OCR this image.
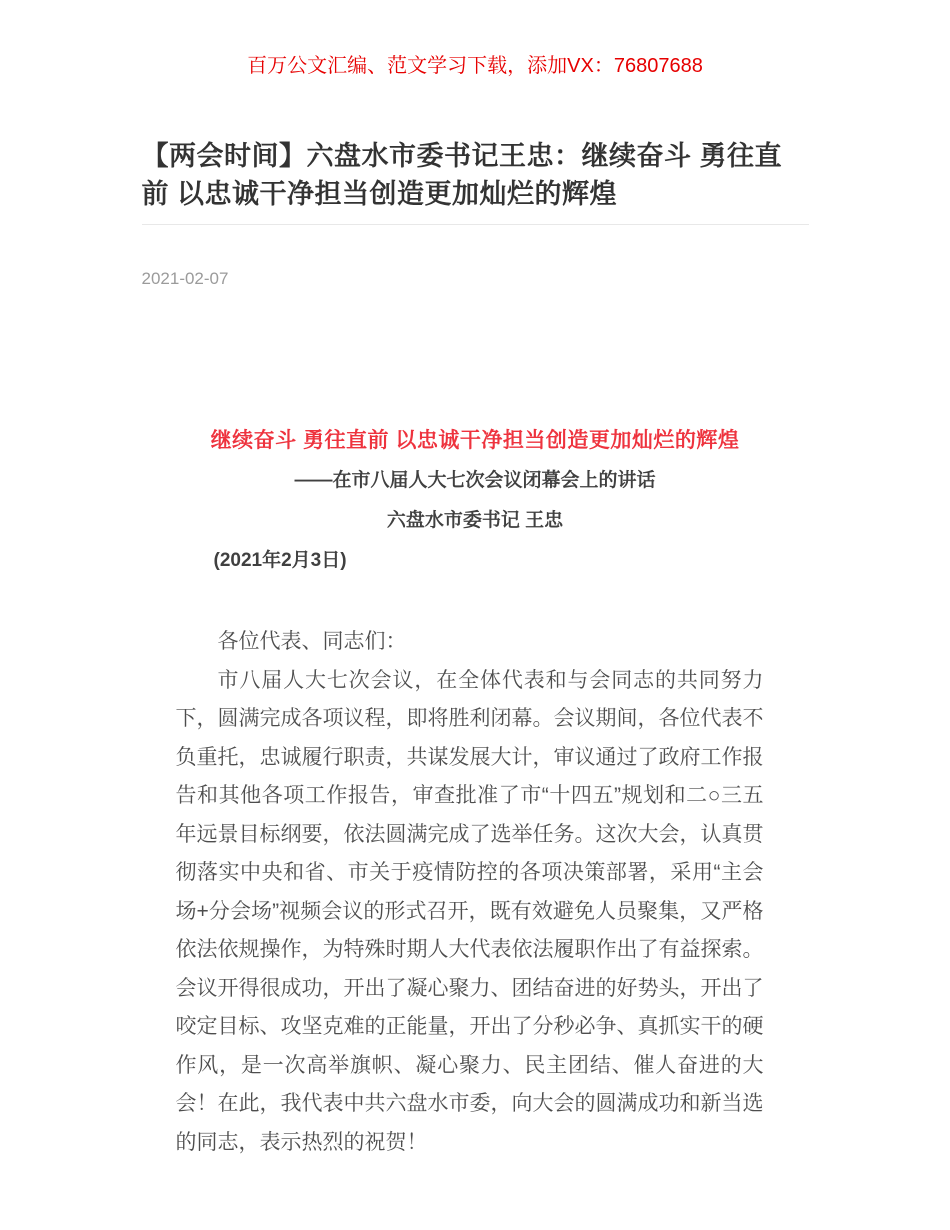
百万公文汇编、范文学习下载，添加VX：76807688
【两会时间】六盘水市委书记王忠：继续奋斗 勇往直前 以忠诚干净担当创造更加灿烂的辉煌
2021-02-07

继续奋斗 勇往直前 以忠诚干净担当创造更加灿烂的辉煌

——在市八届人大七次会议闭幕会上的讲话

六盘水市委书记 王忠

(2021年2月3日)

各位代表、同志们：

市八届人大七次会议，在全体代表和与会同志的共同努力下，圆满完成各项议程，即将胜利闭幕。会议期间，各位代表不负重托，忠诚履行职责，共谋发展大计，审议通过了政府工作报告和其他各项工作报告，审查批准了市“十四五”规划和二○三五年远景目标纲要，依法圆满完成了选举任务。这次大会，认真贯彻落实中央和省、市关于疫情防控的各项决策部署，采用“主会场+分会场”视频会议的形式召开，既有效避免人员聚集，又严格依法依规操作，为特殊时期人大代表依法履职作出了有益探索。会议开得很成功，开出了凝心聚力、团结奋进的好势头，开出了咬定目标、攻坚克难的正能量，开出了分秒必争、真抓实干的硬作风，是一次高举旗帜、凝心聚力、民主团结、催人奋进的大会！在此，我代表中共六盘水市委，向大会的圆满成功和新当选的同志，表示热烈的祝贺！
